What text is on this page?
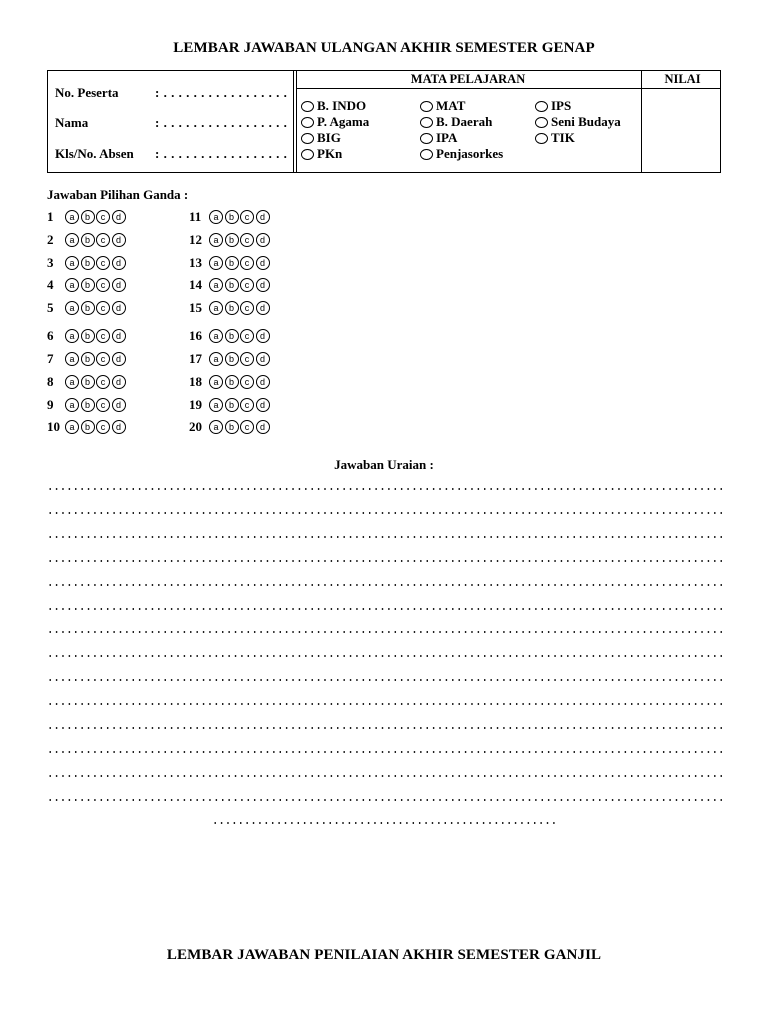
LEMBAR JAWABAN ULANGAN AKHIR SEMESTER GENAP
No. Peserta	: . . . . . . . . . . . . . . . . .
Nama	: . . . . . . . . . . . . . . . . .
Kls/No. Absen : . . . . . . . . . . . . . . . . .
MATA PELAJARAN	NILAI
B. INDO	MAT	IPS
P. Agama	B. Daerah	Seni Budaya
BIG	IPA	TIK
PKn	Penjasorkes
Jawaban Pilihan Ganda :
1	a	b	c	d
2	a	b	c	d
3	a	b	c	d
4	a	b	c	d
5	a	b	c	d
6	a	b	c	d
7	a	b	c	d
8	a	b	c	d
9	a	b	c	d
10	a	b	c	d
11	a	b	c	d
12	a	b	c	d
13	a	b	c	d
14	a	b	c	d
15	a	b	c	d
16	a	b	c	d
17	a	b	c	d
18	a	b	c	d
19	a	b	c	d
20	a	b	c	d
Jawaban Uraian :
LEMBAR JAWABAN PENILAIAN AKHIR SEMESTER GANJIL
